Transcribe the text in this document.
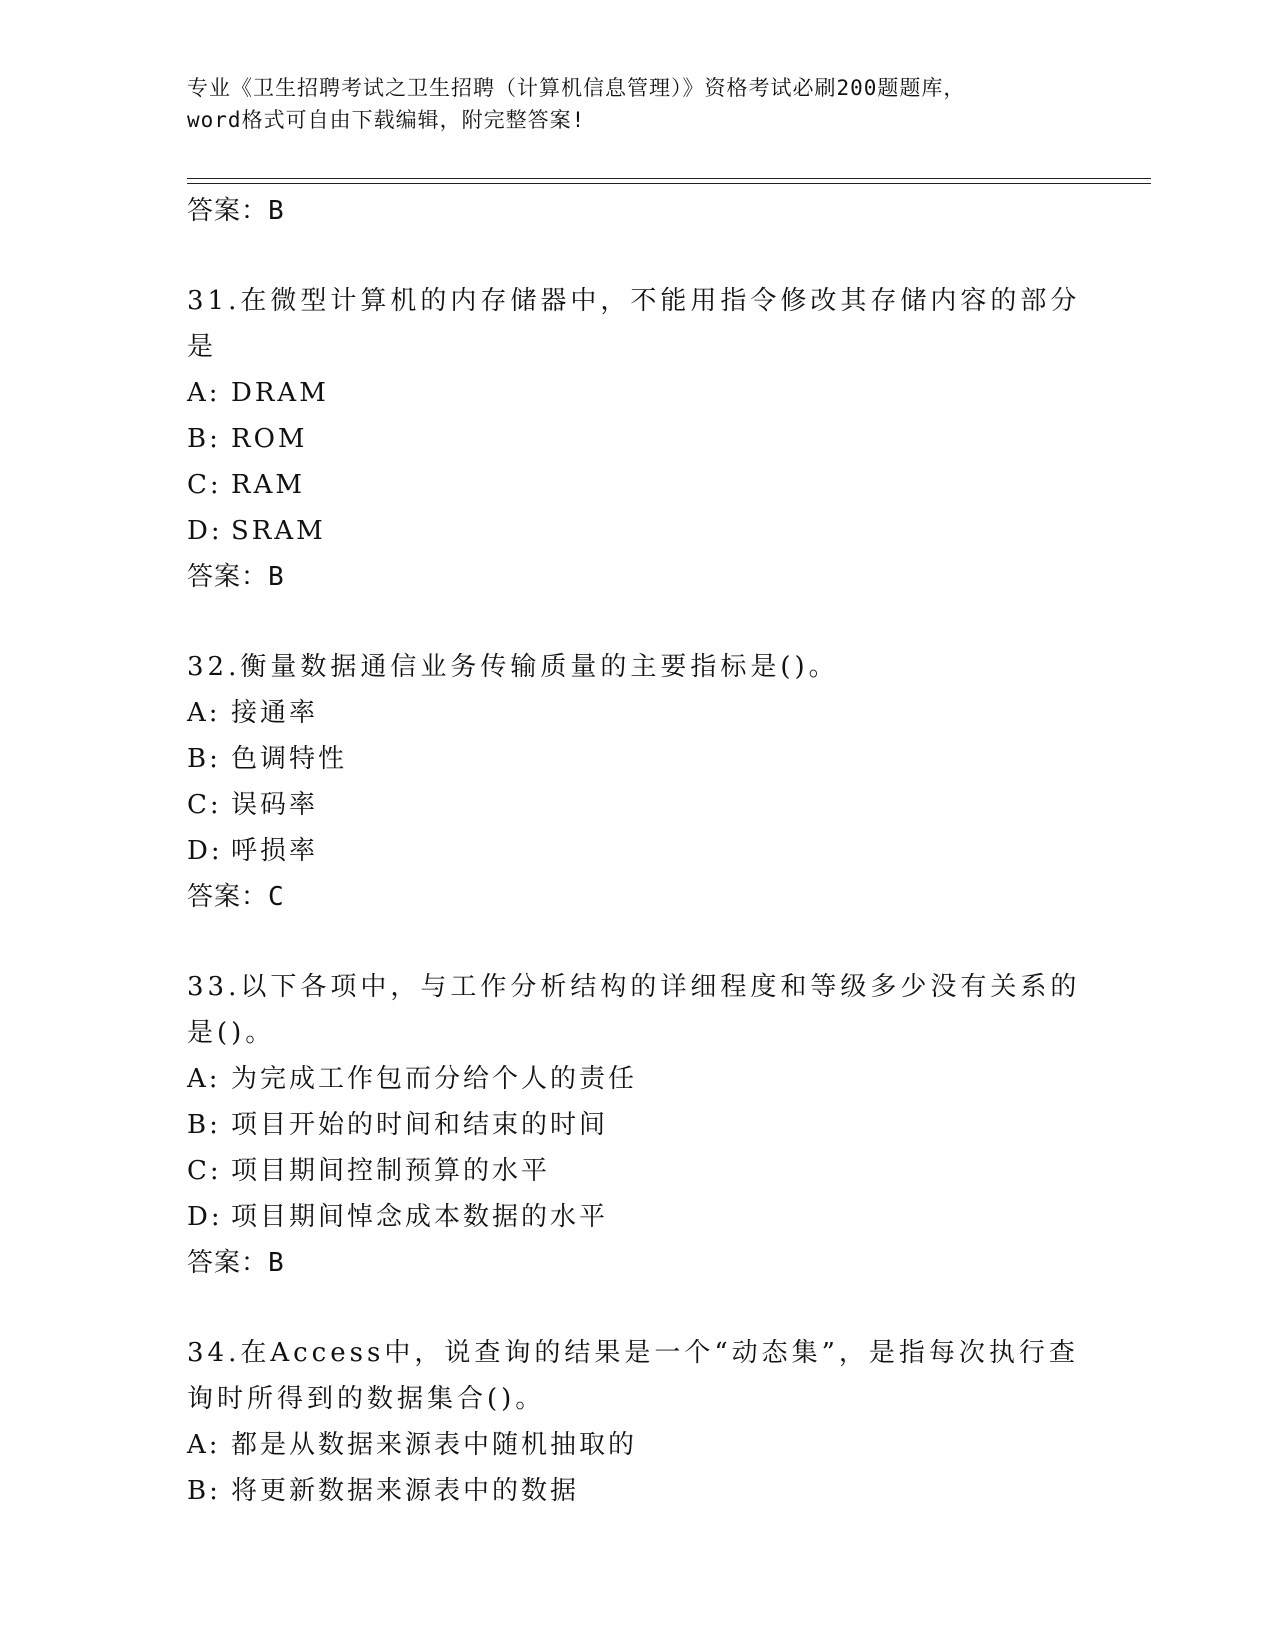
专业《卫生招聘考试之卫生招聘（计算机信息管理）》资格考试必刷200题题库，
word格式可自由下载编辑，附完整答案!
答案：B
31.在微型计算机的内存储器中，不能用指令修改其存储内容的部分是
A: DRAM
B: ROM
C: RAM
D: SRAM
答案：B
32.衡量数据通信业务传输质量的主要指标是()。
A: 接通率
B: 色调特性
C: 误码率
D: 呼损率
答案：C
33.以下各项中，与工作分析结构的详细程度和等级多少没有关系的是()。
A: 为完成工作包而分给个人的责任
B: 项目开始的时间和结束的时间
C: 项目期间控制预算的水平
D: 项目期间悼念成本数据的水平
答案：B
34.在Access中，说查询的结果是一个“动态集”，是指每次执行查询时所得到的数据集合()。
A: 都是从数据来源表中随机抽取的
B: 将更新数据来源表中的数据
